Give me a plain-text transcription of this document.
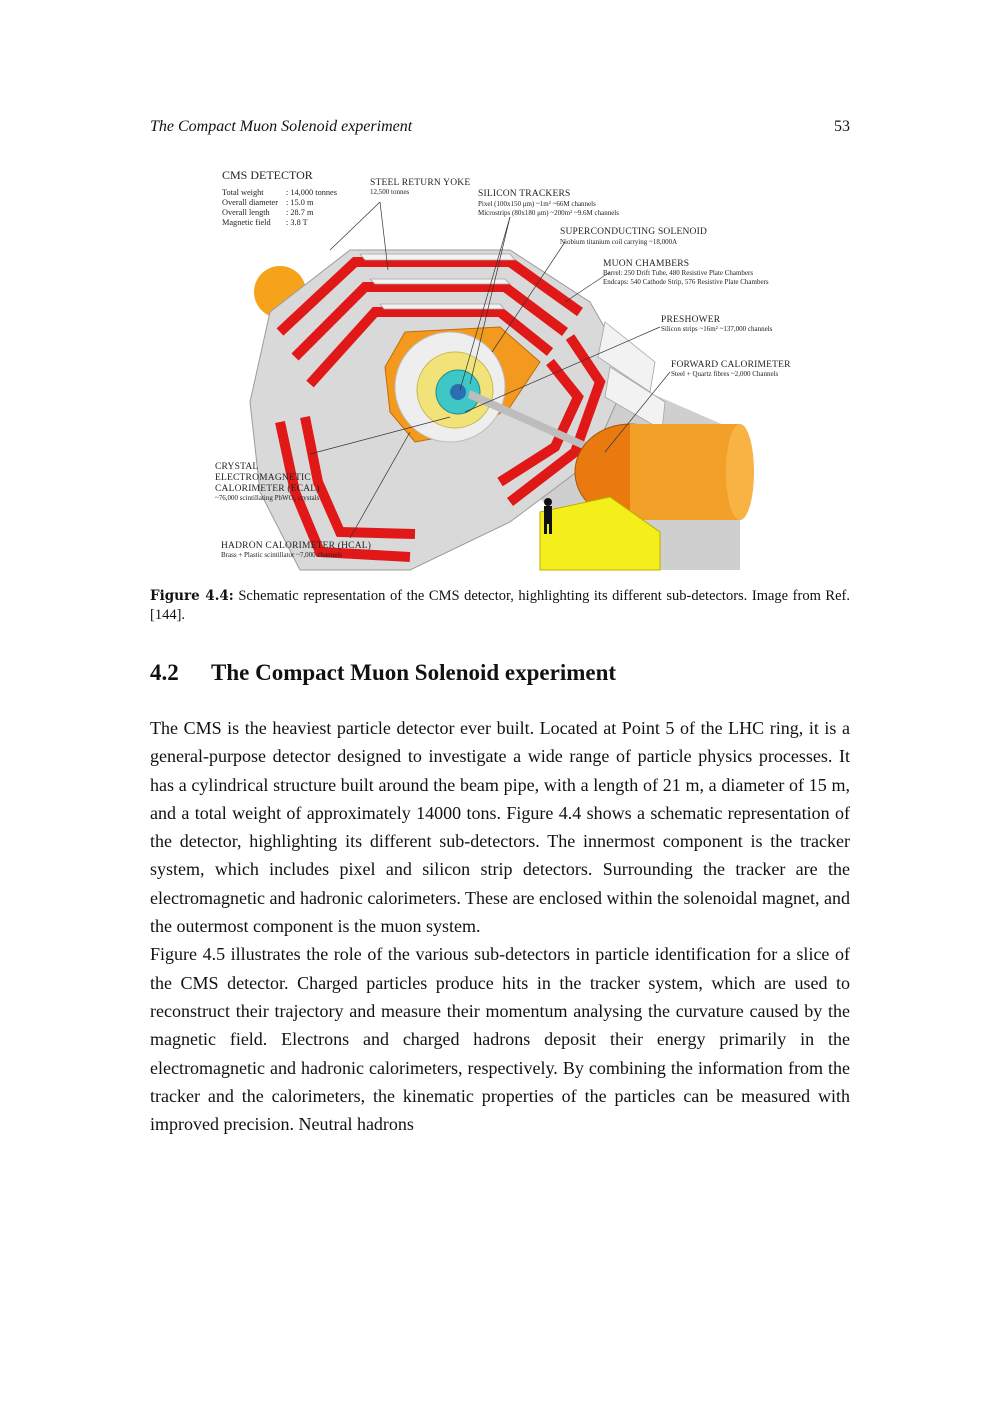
The Compact Muon Solenoid experiment	53
CMS DETECTOR
Total weight	: 14,000 tonnes
Overall diameter : 15.0 m
Overall length : 28.7 m
Magnetic field : 3.8 T
STEEL RETURN YOKE
12,500 tonnes	SILICON TRACKERS
Pixel (100x150 μm) ~1m² ~66M channels
Microstrips (80x180 μm) ~200m² ~9.6M channels
SUPERCONDUCTING SOLENOID
Niobium titanium coil carrying ~18,000A
MUON CHAMBERS
Barrel: 250 Drift Tube, 480 Resistive Plate Chambers
Endcaps: 540 Cathode Strip, 576 Resistive Plate Chambers
PRESHOWER
Silicon strips ~16m² ~137,000 channels
FORWARD CALORIMETER
Steel + Quartz fibres ~2,000 Channels
CRYSTAL
ELECTROMAGNETIC
CALORIMETER (ECAL)
~76,000 scintillating PbWO₄ crystals
HADRON CALORIMETER (HCAL)
Brass + Plastic scintillator ~7,000 channels
Figure 4.4: Schematic representation of the CMS detector, highlighting its different sub-detectors. Image from Ref. [144].
4.2 The Compact Muon Solenoid experiment

The CMS is the heaviest particle detector ever built. Located at Point 5 of the LHC ring, it is a general-purpose detector designed to investigate a wide range of particle physics processes. It has a cylindrical structure built around the beam pipe, with a length of 21 m, a diameter of 15 m, and a total weight of approximately 14000 tons. Figure 4.4 shows a schematic representation of the detector, highlighting its different sub-detectors. The innermost component is the tracker system, which includes pixel and silicon strip detectors. Surrounding the tracker are the electromagnetic and hadronic calorimeters. These are enclosed within the solenoidal magnet, and the outermost component is the muon system.

Figure 4.5 illustrates the role of the various sub-detectors in particle identification for a slice of the CMS detector. Charged particles produce hits in the tracker system, which are used to reconstruct their trajectory and measure their momentum analysing the curvature caused by the magnetic field. Electrons and charged hadrons deposit their energy primarily in the electromagnetic and hadronic calorimeters, respectively. By combining the information from the tracker and the calorimeters, the kinematic properties of the particles can be measured with improved precision. Neutral hadrons
